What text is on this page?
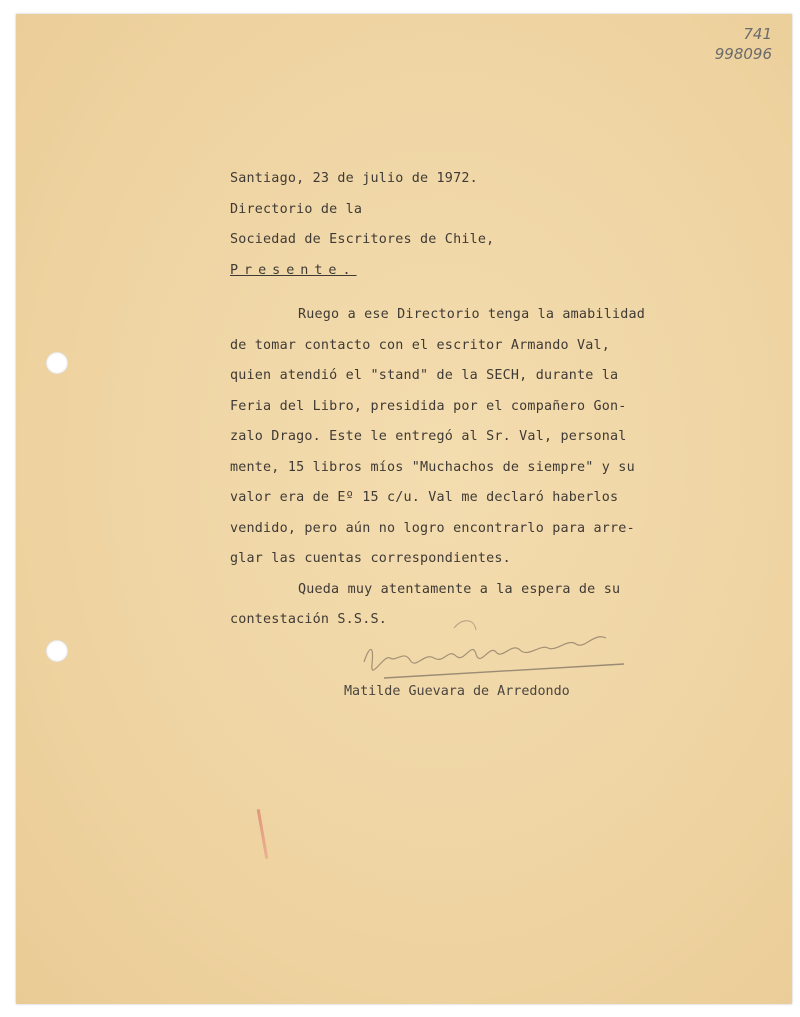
741
998096
Santiago, 23 de julio de 1972.
Directorio de la
Sociedad de Escritores de Chile,
Presente.
Ruego a ese Directorio tenga la amabilidad
de tomar contacto con el escritor Armando Val,
quien atendió el "stand" de la SECH, durante la
Feria del Libro, presidida por el compañero Gon-
zalo Drago. Este le entregó al Sr. Val, personal
mente, 15 libros míos "Muchachos de siempre" y su
valor era de Eº 15 c/u. Val me declaró haberlos
vendido, pero aún no logro encontrarlo para arre-
glar las cuentas correspondientes.
Queda muy atentamente a la espera de su
contestación S.S.S.
Matilde Guevara de Arredondo
